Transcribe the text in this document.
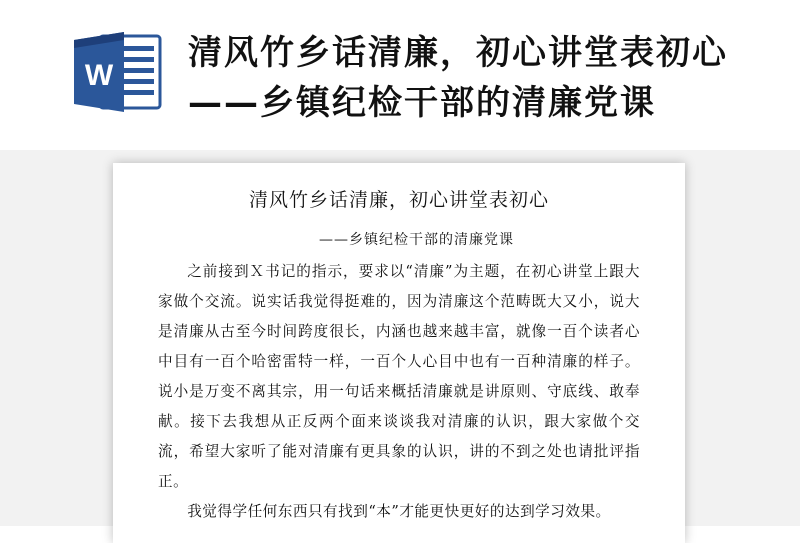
W
清风竹乡话清廉，初心讲堂表初心——乡镇纪检干部的清廉党课
清风竹乡话清廉，初心讲堂表初心
——乡镇纪检干部的清廉党课

之前接到Ｘ书记的指示，要求以“清廉”为主题，在初心讲堂上跟大家做个交流。说实话我觉得挺难的，因为清廉这个范畴既大又小，说大是清廉从古至今时间跨度很长，内涵也越来越丰富，就像一百个读者心中目有一百个哈密雷特一样，一百个人心目中也有一百种清廉的样子。说小是万变不离其宗，用一句话来概括清廉就是讲原则、守底线、敢奉献。接下去我想从正反两个面来谈谈我对清廉的认识，跟大家做个交流，希望大家听了能对清廉有更具象的认识，讲的不到之处也请批评指正。

我觉得学任何东西只有找到“本”才能更快更好的达到学习效果。
